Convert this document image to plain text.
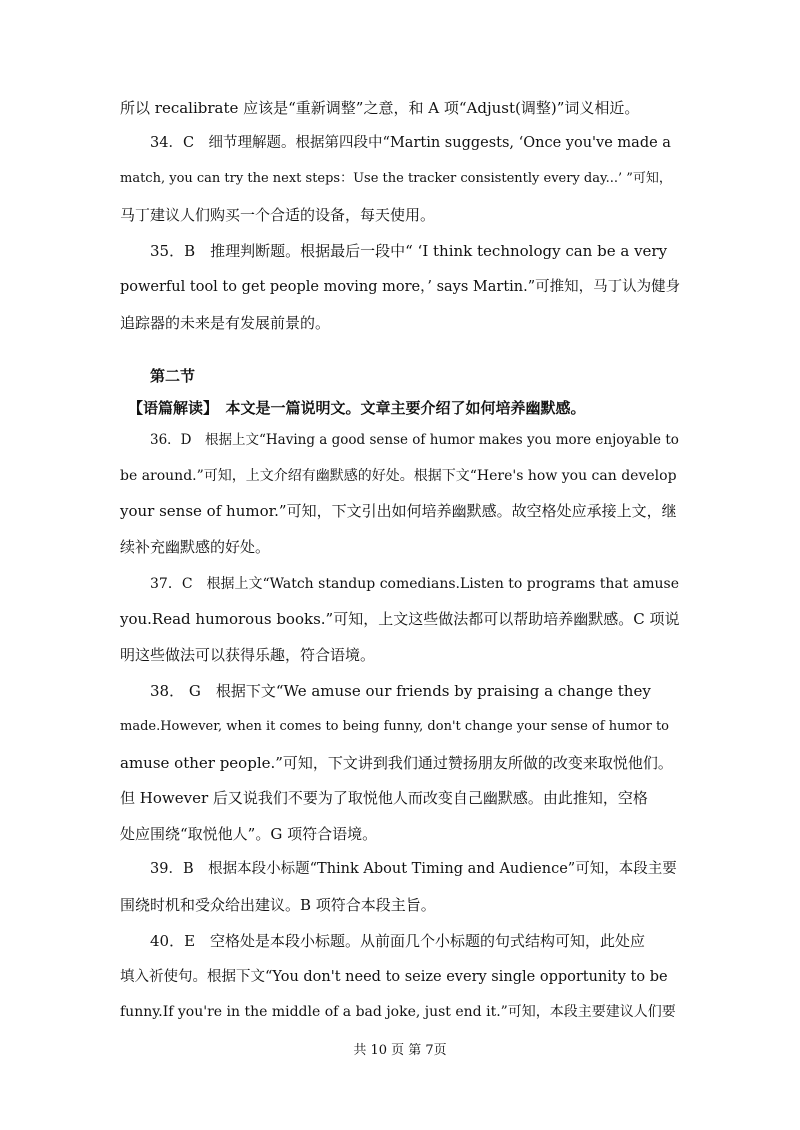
所以 recalibrate 应该是“重新调整”之意，和 A 项“Adjust(调整)”词义相近。
34．C　细节理解题。根据第四段中“Martin suggests, ‘Once you've made a
match, you can try the next steps：Use the tracker consistently every day...’ ”可知，
马丁建议人们购买一个合适的设备，每天使用。
35．B　推理判断题。根据最后一段中“ ‘I think technology can be a very
powerful tool to get people moving more，’ says Martin.”可推知，马丁认为健身
追踪器的未来是有发展前景的。
第二节
【语篇解读】　本文是一篇说明文。文章主要介绍了如何培养幽默感。
36．D　根据上文“Having a good sense of humor makes you more enjoyable to
be around.”可知，上文介绍有幽默感的好处。根据下文“Here's how you can develop
your sense of humor.”可知，下文引出如何培养幽默感。故空格处应承接上文，继
续补充幽默感的好处。
37．C　根据上文“Watch standup comedians.Listen to programs that amuse
you.Read humorous books.”可知，上文这些做法都可以帮助培养幽默感。C 项说
明这些做法可以获得乐趣，符合语境。
38． G　根据下文“We amuse our friends by praising a change they
made.However, when it comes to being funny, don't change your sense of humor to
amuse other people.”可知，下文讲到我们通过赞扬朋友所做的改变来取悦他们。
但 However 后又说我们不要为了取悦他人而改变自己幽默感。由此推知，空格
处应围绕“取悦他人”。G 项符合语境。
39．B　根据本段小标题“Think About Timing and Audience”可知，本段主要
围绕时机和受众给出建议。B 项符合本段主旨。
40．E　空格处是本段小标题。从前面几个小标题的句式结构可知，此处应
填入祈使句。根据下文“You don't need to seize every single opportunity to be
funny.If you're in the middle of a bad joke, just end it.”可知，本段主要建议人们要
共 10 页 第 7页
